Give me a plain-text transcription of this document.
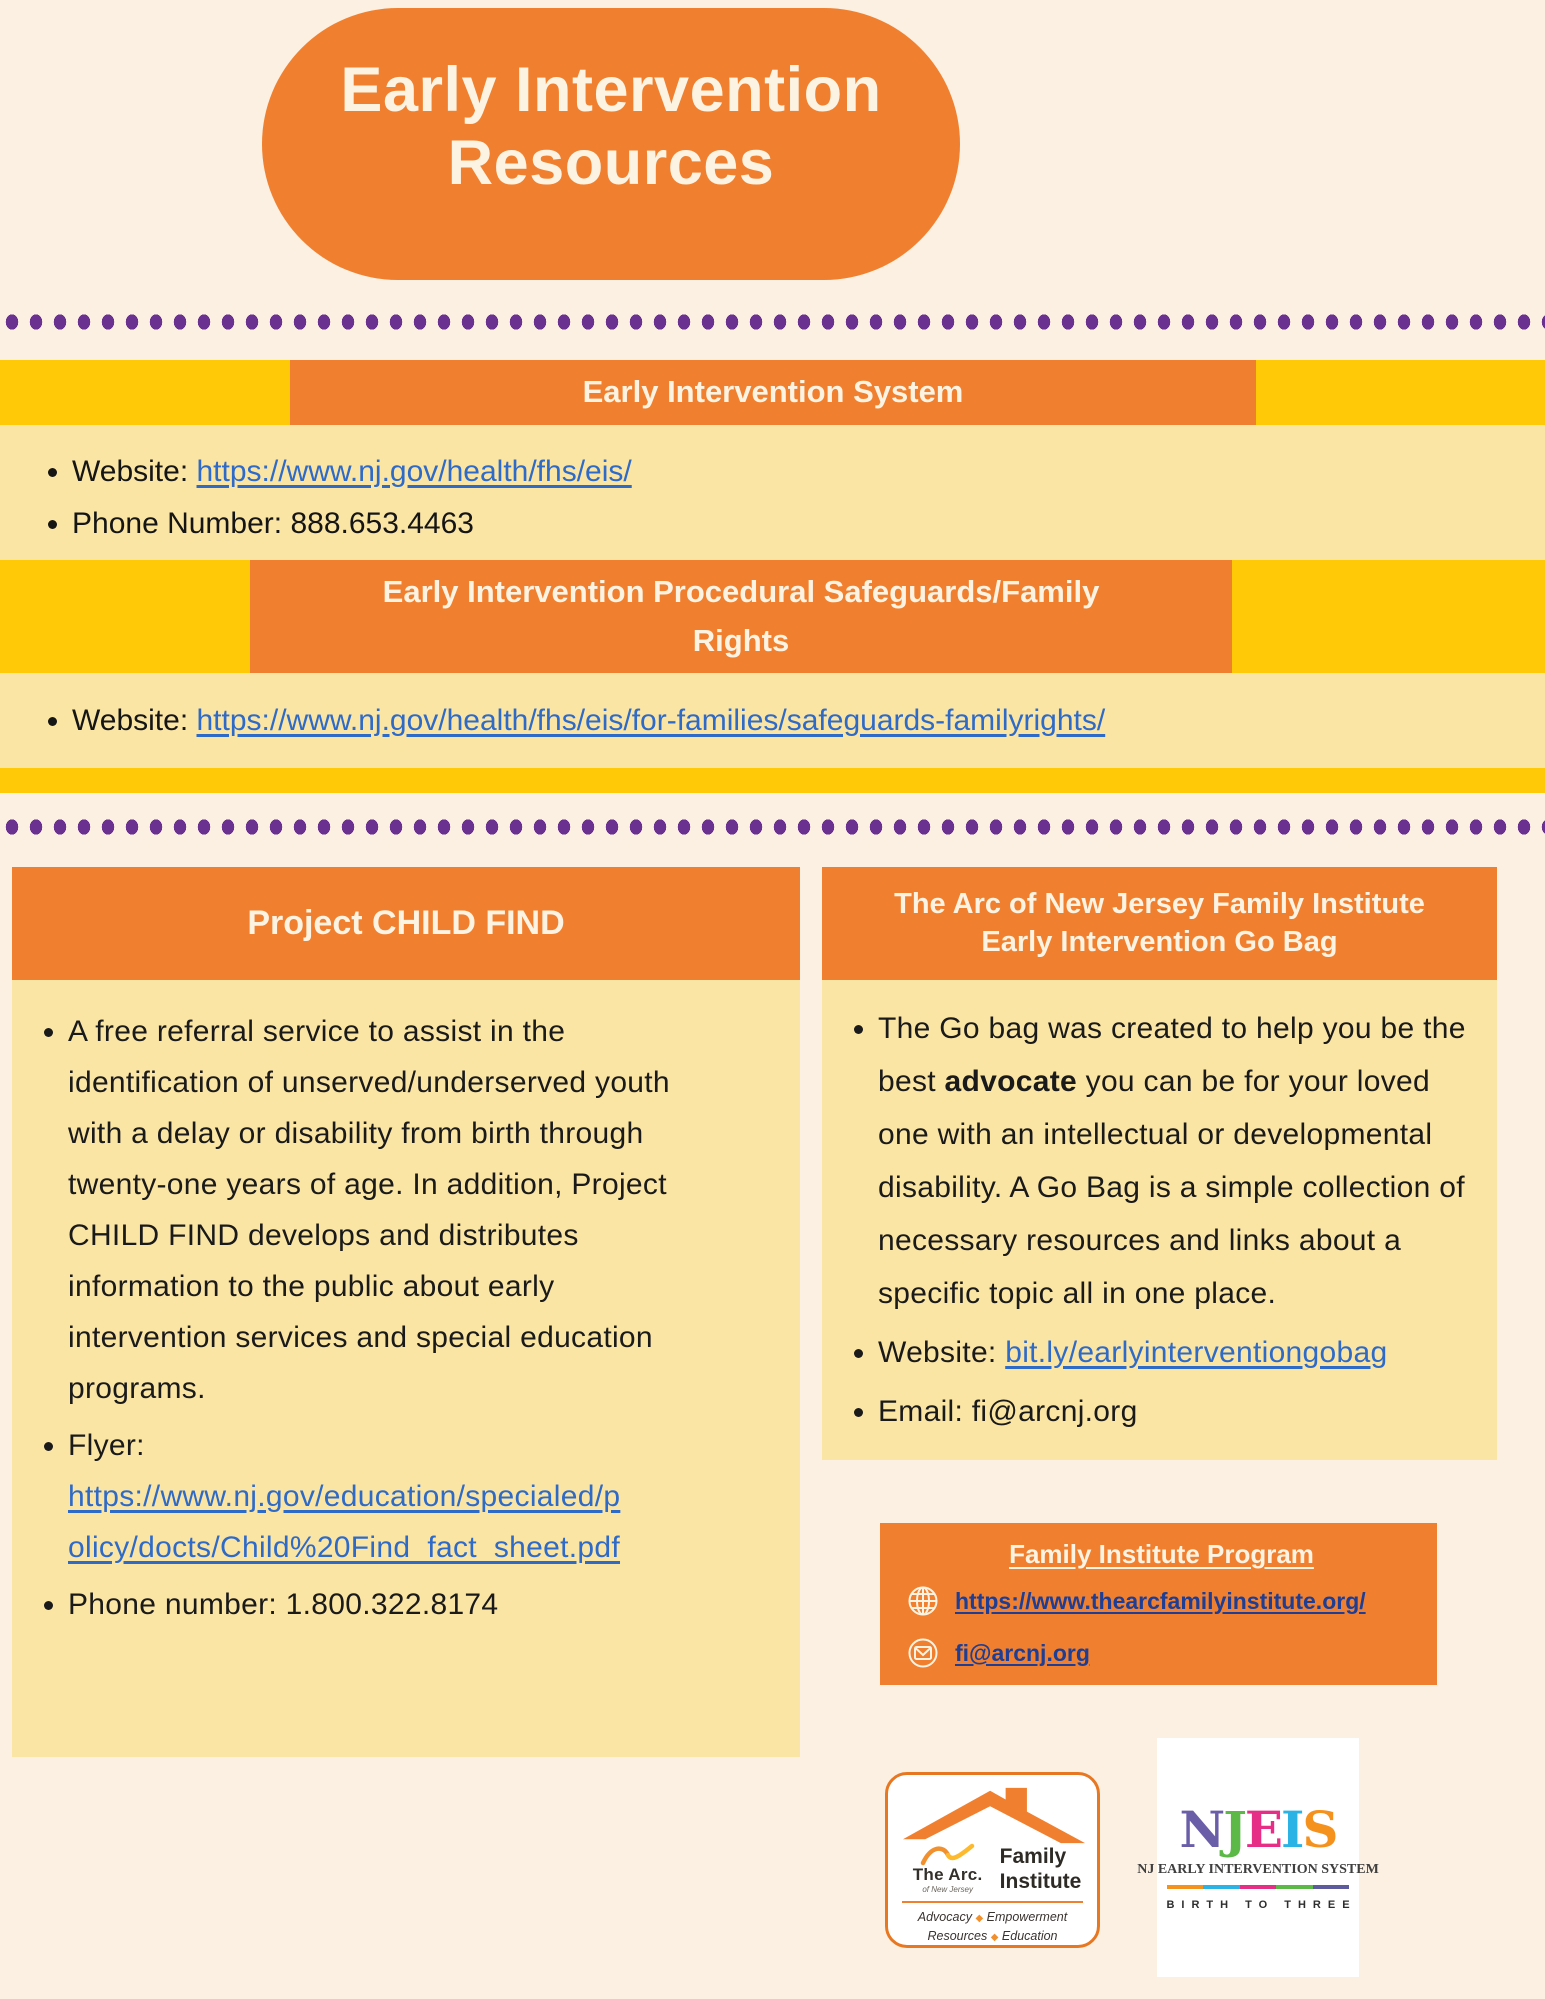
Early Intervention
Resources
Early Intervention System
• Website: https://www.nj.gov/health/fhs/eis/
• Phone Number: 888.653.4463
Early Intervention Procedural Safeguards/Family
Rights
• Website: https://www.nj.gov/health/fhs/eis/for-families/safeguards-familyrights/
Project CHILD FIND
• A free referral service to assist in the identification of unserved/underserved youth with a delay or disability from birth through twenty-one years of age. In addition, Project CHILD FIND develops and distributes information to the public about early intervention services and special education programs.
• Flyer:
https://www.nj.gov/education/specialed/policy/docts/Child%20Find_fact_sheet.pdf
• Phone number: 1.800.322.8174
The Arc of New Jersey Family Institute
Early Intervention Go Bag
• The Go bag was created to help you be the best advocate you can be for your loved one with an intellectual or developmental disability. A Go Bag is a simple collection of necessary resources and links about a specific topic all in one place.
• Website: bit.ly/earlyinterventiongobag
• Email: fi@arcnj.org
Family Institute Program
https://www.thearcfamilyinstitute.org/
fi@arcnj.org
The Arc.
of New Jersey
Family
Institute
Advocacy ◆ Empowerment
Resources ◆ Education
NJEIS
NJ EARLY INTERVENTION SYSTEM
BIRTH TO THREE
